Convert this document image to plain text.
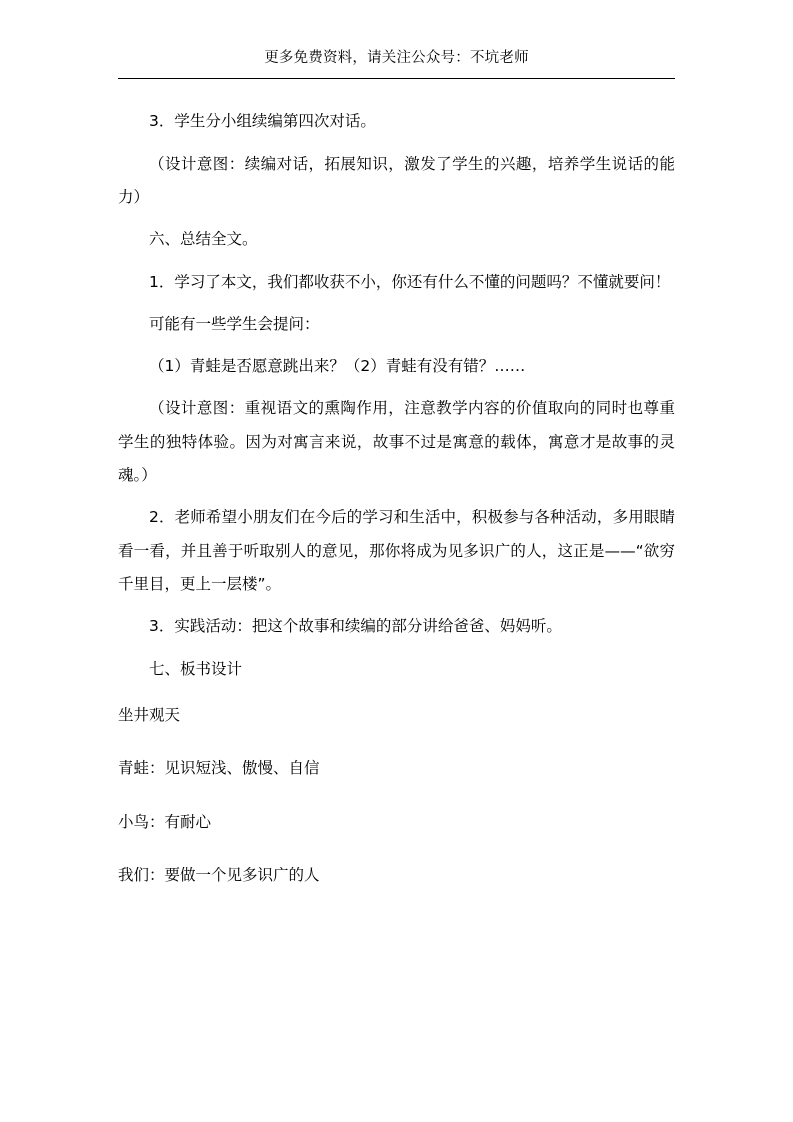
更多免费资料，请关注公众号：不坑老师

3．学生分小组续编第四次对话。

（设计意图：续编对话，拓展知识，激发了学生的兴趣，培养学生说话的能力）

六、总结全文。

1．学习了本文，我们都收获不小，你还有什么不懂的问题吗？不懂就要问！

可能有一些学生会提问：

（1）青蛙是否愿意跳出来？（2）青蛙有没有错？……

（设计意图：重视语文的熏陶作用，注意教学内容的价值取向的同时也尊重学生的独特体验。因为对寓言来说，故事不过是寓意的载体，寓意才是故事的灵魂。）

2．老师希望小朋友们在今后的学习和生活中，积极参与各种活动，多用眼睛看一看，并且善于听取别人的意见，那你将成为见多识广的人，这正是——“欲穷千里目，更上一层楼”。

3．实践活动：把这个故事和续编的部分讲给爸爸、妈妈听。

七、板书设计

坐井观天

青蛙：见识短浅、傲慢、自信

小鸟：有耐心

我们：要做一个见多识广的人
